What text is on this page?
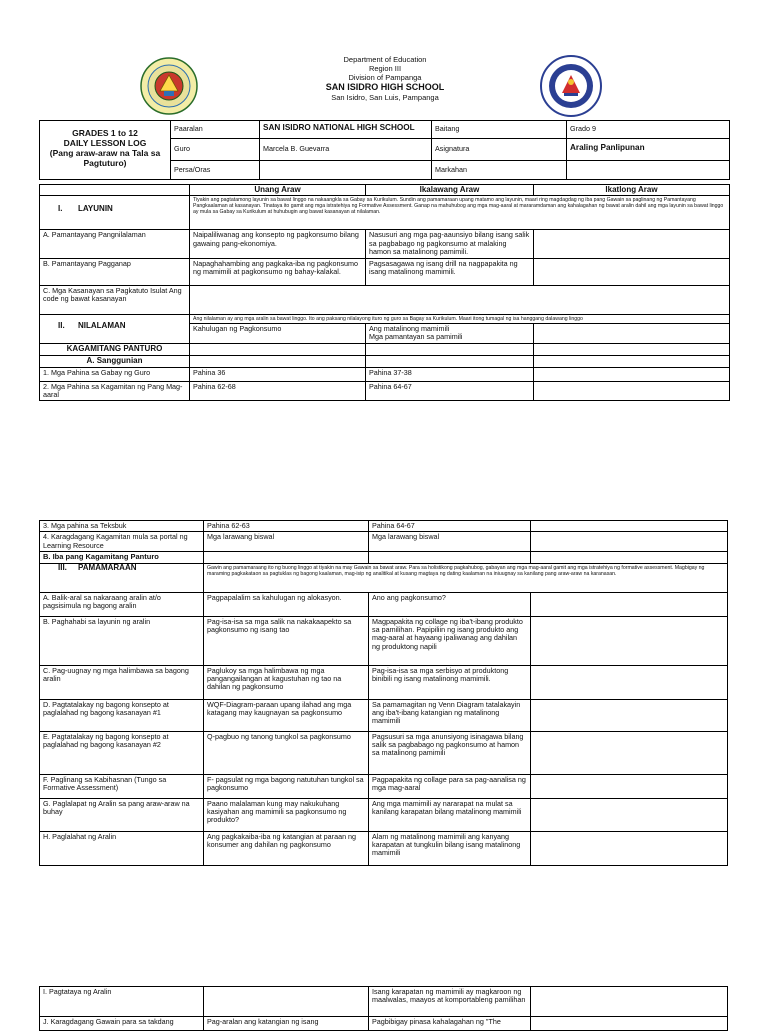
Department of Education
Region III
Division of Pampanga
SAN ISIDRO HIGH SCHOOL
San Isidro, San Luis, Pampanga
GRADES 1 to 12
DAILY LESSON LOG
(Pang araw-araw na Tala sa Pagtuturo)	Paaralan	SAN ISIDRO NATIONAL HIGH SCHOOL	Baitang	Grado 9
	Guro	Marcela B. Guevarra	Asignatura	Araling Panlipunan
	Persa/Oras		Markahan	
	Unang Araw	Ikalawang Araw	Ikatlong Araw
I.       LAYUNIN	Tiyakin ang pagtatamong layunin sa bawat linggo na nakaangkla sa Gabay sa Kurikulum. Sundin ang pamamaraan upang matamo ang layunin, maari ring magdagdag ng iba pang Gawain sa paglinang ng Pamantayang Pangkaalaman at kasanayan. Tinataya ito gamit ang mga istratehiya ng Formative Assessment. Ganap na mahuhubog ang mga mag-aaral at mararamdaman ang kahalagahan ng bawat aralin dahil ang mga layunin sa bawat linggo ay mula sa Gabay sa Kurikulum at huhubugin ang bawat kasanayan at nilalaman.		
A. Pamantayang Pangnilalaman	Naipaliliwanag ang konsepto ng pagkonsumo bilang gawaing pang-ekonomiya.	Nasusuri ang mga pag-aaunsiyo bilang isang salik sa pagbabago ng pagkonsumo at malaking hamon sa matalinong pamimili.	
B. Pamantayang Pagganap	Napaghahambing ang pagkaka-iba ng pagkonsumo ng mamimili at pagkonsumo ng bahay-kalakal.	Pagsasagawa ng isang drill na nagpapakita ng isang matalinong mamimili.	
C. Mga Kasanayan sa Pagkatuto Isulat Ang code ng bawat kasanayan			
II.      NILALAMAN	Ang nilalaman ay ang mga aralin sa bawat linggo. Ito ang paksang nilalayong ituro ng guro sa Bagay sa Kurikulum. Maari itong tumagal ng isa hanggang dalawang linggo		
	Kahulugan ng Pagkonsumo	Ang matalinong mamimili
Mga pamantayan sa pamimili	
KAGAMITANG PANTURO			
A. Sanggunian			
1. Mga Pahina sa Gabay ng Guro	Pahina 36	Pahina 37-38	
2. Mga Pahina sa Kagamitan ng Pang Mag-aaral	Pahina 62-68	Pahina 64-67	
3. Mga pahina sa Teksbuk	Pahina 62-63	Pahina 64-67	
4. Karagdagang Kagamitan mula sa portal ng Learning Resource	Mga larawang biswal	Mga larawang biswal	
B. Iba pang Kagamitang Panturo			
III.     PAMAMARAAN	Gawin ang pamamaraang ito ng buong linggo at tiyakin na may Gawain sa bawat araw. Para sa holistikong pagkahubog, gabayan ang mga mag-aaral gamit ang mga istratehiya ng formative assessment. Magbigay ng maraming pagkakataon sa pagtuklas ng bagong kaalaman, mag-isip ng analitikal at kusang magtaya ng dating kaalaman na iniuugnay sa kanilang pang araw-araw na karanasan.		
A. Balik-aral sa nakaraang aralin at/o pagsisimula ng bagong aralin	Pagpapalalim sa kahulugan ng alokasyon.	Ano ang pagkonsumo?	
B. Paghahabi sa layunin ng aralin	Pag-isa-isa sa mga salik na nakakaapekto sa pagkonsumo ng isang tao	Magpapakita ng collage ng iba't-ibang produkto sa pamilihan. Papipiliin ng isang produkto ang mag-aaral at hayaang ipaliwanag ang dahilan ng produktong napili	
C. Pag-uugnay ng mga halimbawa sa bagong aralin	Paglukoy sa mga halimbawa ng mga pangangailangan at kagustuhan ng tao na dahilan ng pagkonsumo	Pag-isa-isa sa mga serbisyo at produktong binibili ng isang matalinong mamimili.	
D. Pagtatalakay ng bagong konsepto at paglalahad ng bagong kasanayan #1	WQF-Diagram-paraan upang ilahad ang mga katagang may kaugnayan sa pagkonsumo	Sa pamamagitan ng Venn Diagram tatalakayin ang iba't-ibang katangian ng matalinong mamimili	
E. Pagtatalakay ng bagong konsepto at paglalahad ng bagong kasanayan #2	Q-pagbuo ng tanong tungkol sa pagkonsumo	Pagsusuri sa mga anunsiyong isinagawa bilang salik sa pagbabago ng pagkonsumo at hamon sa matalinong pamimili	
F. Paglinang sa Kabihasnan (Tungo sa Formative Assessment)	F- pagsulat ng mga bagong natutuhan tungkol sa pagkonsumo	Pagpapakita ng collage para sa pag-aanalisa ng mga mag-aaral	
G. Paglalapat ng Aralin sa pang araw-araw na buhay	Paano malalaman kung may nakukuhang kasiyahan ang mamimili sa pagkonsumo ng produkto?	Ang mga mamimili ay nararapat na mulat sa kanilang karapatan bilang matalinong mamimili	
H. Paglalahat ng Aralin	Ang pagkakaiba-iba ng katangian at paraan ng konsumer ang dahilan ng pagkonsumo	Alam ng matalinong mamimili ang kanyang karapatan at tungkulin bilang isang matalinong mamimili	
I. Pagtataya ng Aralin		Isang karapatan ng mamimili ay magkaroon ng maalwalas, maayos at komportableng pamilihan	
J. Karagdagang Gawain para sa takdang	Pag-aralan ang katangian ng isang	Pagbibigay pinasa kahalagahan ng "The	
